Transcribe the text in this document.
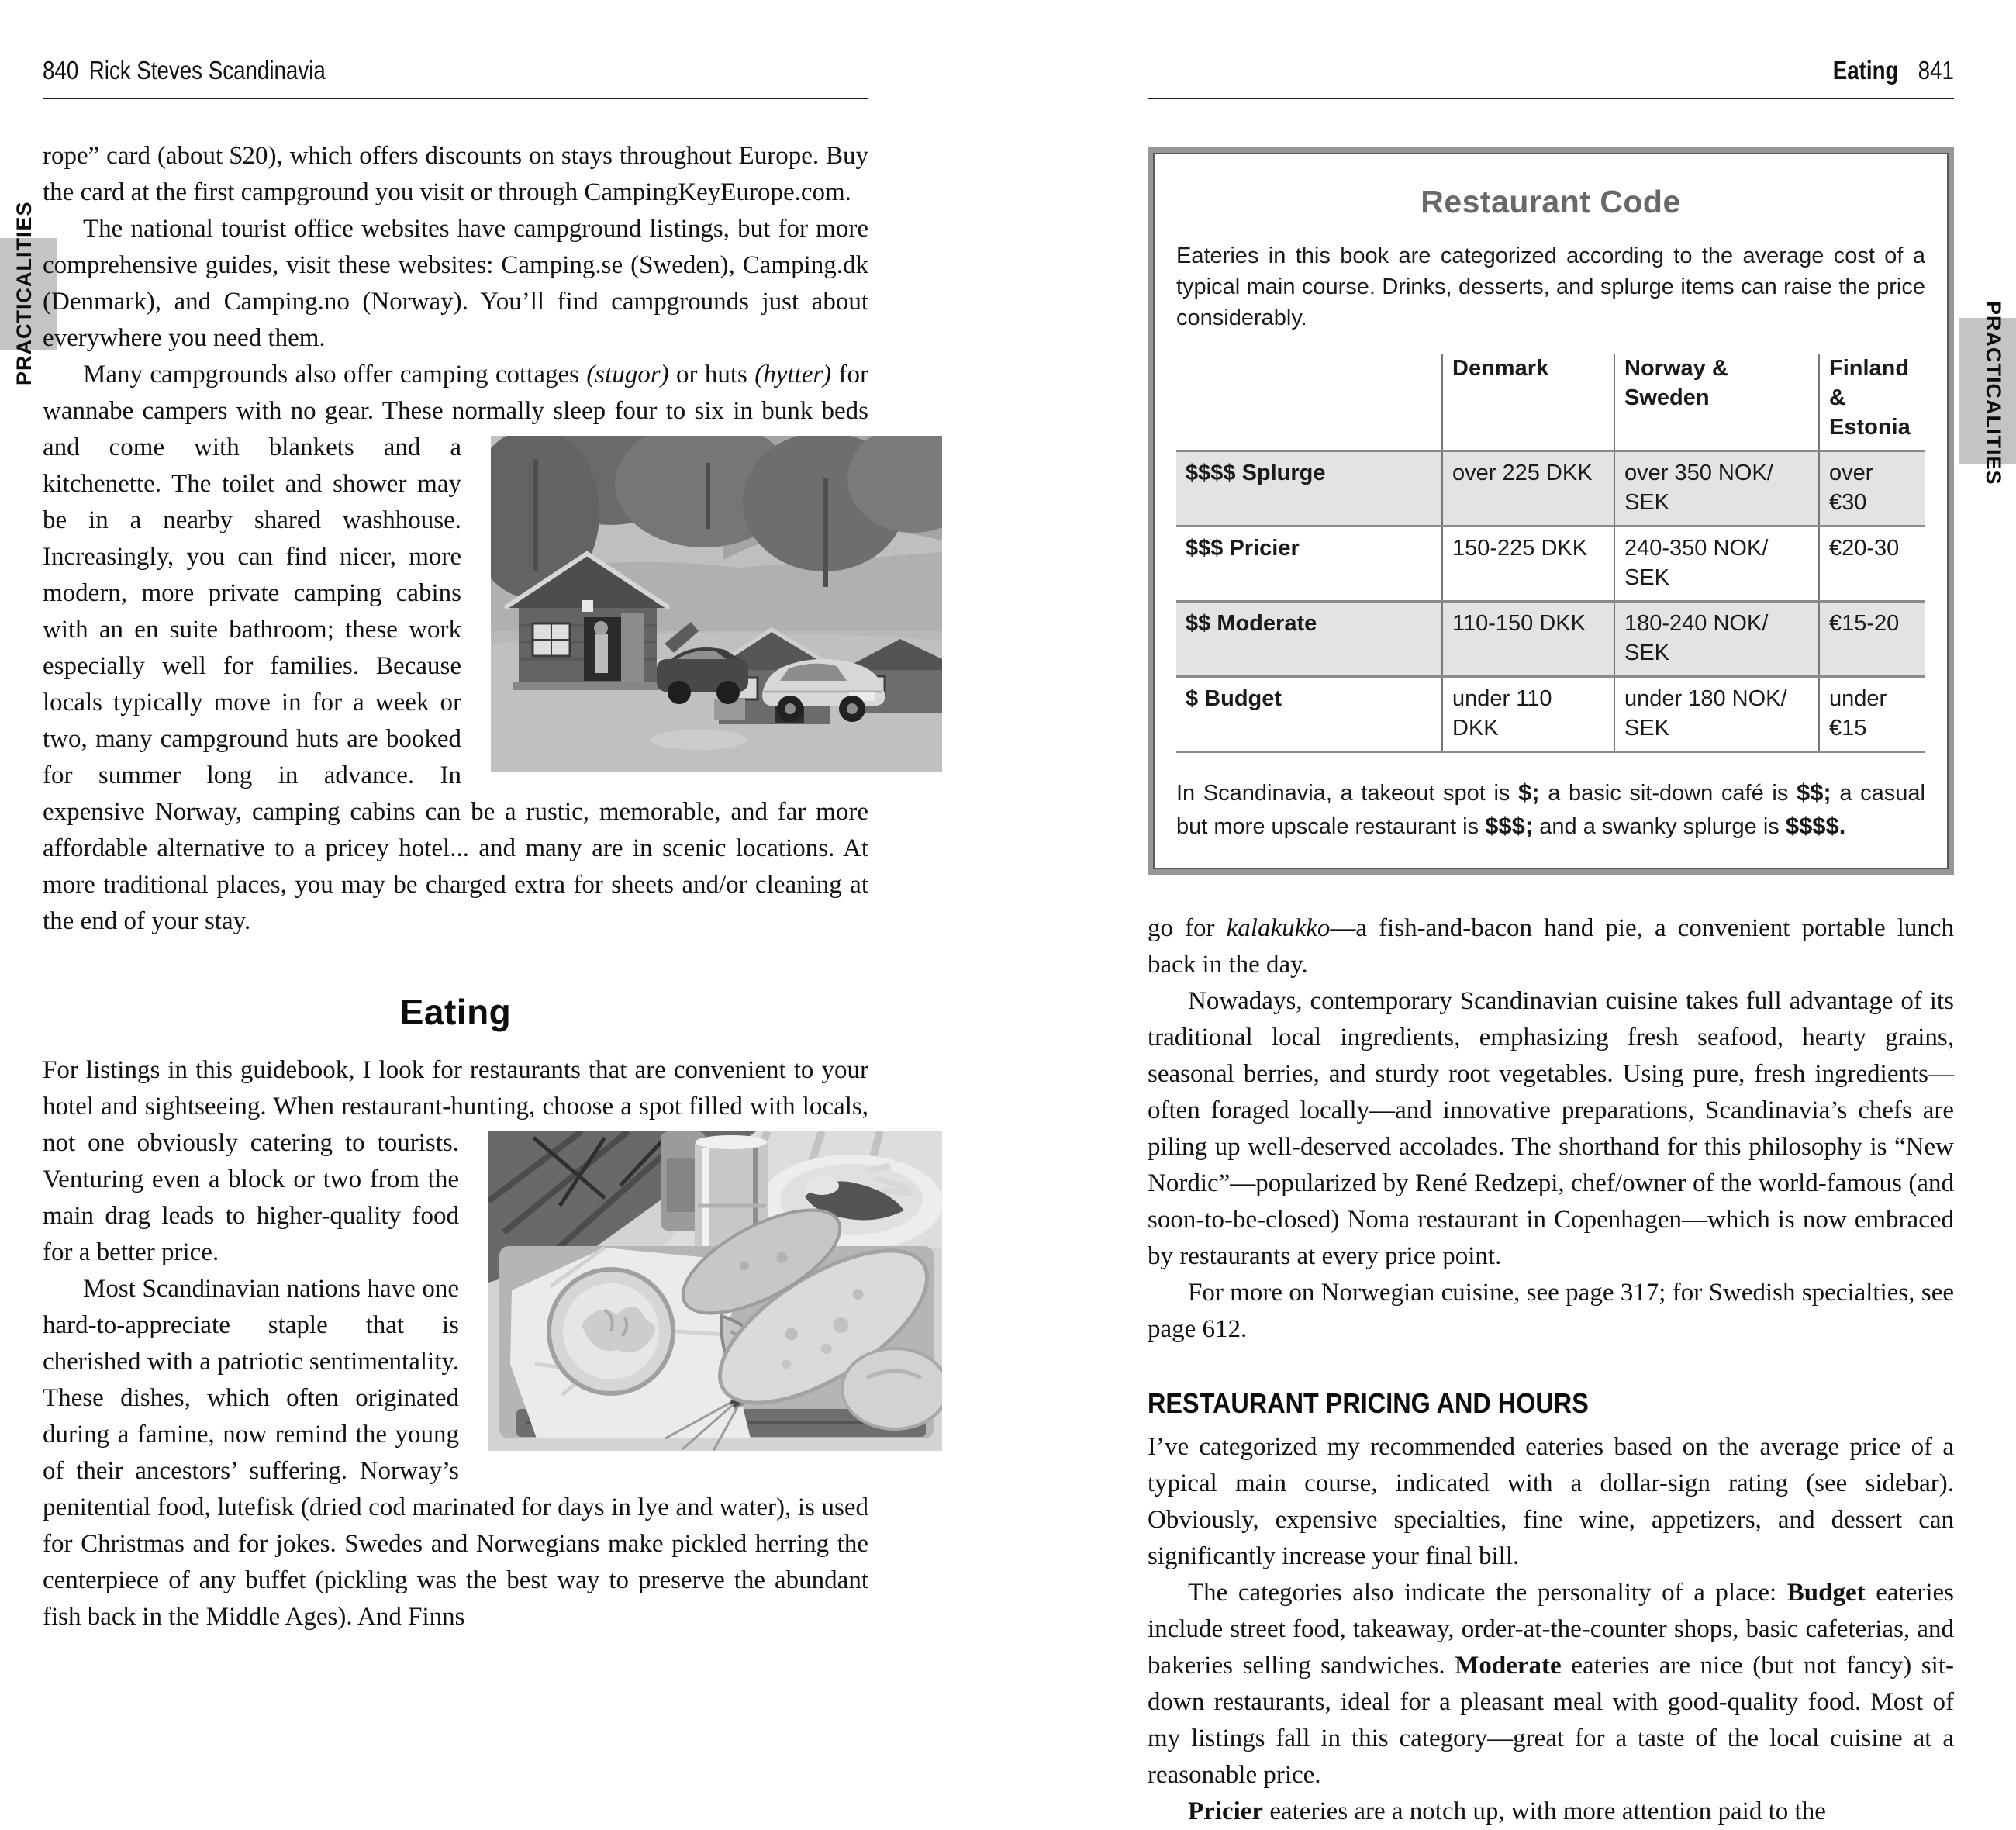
PRACTICALITIES
PRACTICALITIES
840 Rick Steves Scandinavia

rope” card (about $20), which offers discounts on stays throughout Europe. Buy the card at the first campground you visit or through CampingKeyEurope.com.

The national tourist office websites have campground listings, but for more comprehensive guides, visit these websites: Camping.se (Sweden), Camping.dk (Denmark), and Camping.no (Norway). You’ll find campgrounds just about everywhere you need them.

Many campgrounds also offer camping cottages (stugor) or huts (hytter) for wannabe campers with no gear. These normally
sleep four to six in bunk beds and come with blankets and a kitchenette. The toilet and shower may be in a nearby shared washhouse. Increasingly, you can find nicer, more modern, more private camping cabins with an en suite bathroom; these work especially well for families. Because locals typically move in for a week or two, many campground huts are booked for summer long in advance. In expensive Norway, camping cabins can be a rustic, memorable, and far more affordable alternative to a pricey hotel... and many are in scenic locations. At more traditional places, you may be charged extra for sheets and/or cleaning at the end of your stay.

Eating

For listings in this guidebook, I look for restaurants that are convenient to your hotel and sightseeing. When restaurant-hunting,
choose a spot filled with locals, not one obviously catering to tourists. Venturing even a block or two from the main drag leads to higher-quality food for a better price.

Most Scandinavian nations have one hard-to-appreciate staple that is cherished with a patriotic sentimentality. These dishes, which often originated during a famine, now remind the young of their ancestors’ suffering. Norway’s penitential food, lutefisk (dried cod marinated for days in lye and water), is used for Christmas and for jokes. Swedes and Norwegians make pickled herring the centerpiece of any buffet (pickling was the best way to preserve the abundant fish back in the Middle Ages). And Finns

Eating 841
Restaurant Code

Eateries in this book are categorized according to the average cost of a typical main course. Drinks, desserts, and splurge items can raise the price considerably.

	Denmark	Norway & Sweden	Finland & Estonia
$$$$ Splurge	over 225 DKK	over 350 NOK/ SEK	over €30
$$$ Pricier	150-225 DKK	240-350 NOK/ SEK	€20-30
$$ Moderate	110-150 DKK	180-240 NOK/ SEK	€15-20
$ Budget	under 110 DKK	under 180 NOK/ SEK	under €15

In Scandinavia, a takeout spot is $; a basic sit-down café is $$; a casual but more upscale restaurant is $$$; and a swanky splurge is $$$$.

go for kalakukko—a fish-and-bacon hand pie, a convenient portable lunch back in the day.

Nowadays, contemporary Scandinavian cuisine takes full advantage of its traditional local ingredients, emphasizing fresh seafood, hearty grains, seasonal berries, and sturdy root vegetables. Using pure, fresh ingredients—often foraged locally—and innovative preparations, Scandinavia’s chefs are piling up well-deserved accolades. The shorthand for this philosophy is “New Nordic”—popularized by René Redzepi, chef/owner of the world-famous (and soon-to-be-closed) Noma restaurant in Copenhagen—which is now embraced by restaurants at every price point.

For more on Norwegian cuisine, see page 317; for Swedish specialties, see page 612.

RESTAURANT PRICING AND HOURS

I’ve categorized my recommended eateries based on the average price of a typical main course, indicated with a dollar-sign rating (see sidebar). Obviously, expensive specialties, fine wine, appetizers, and dessert can significantly increase your final bill.

The categories also indicate the personality of a place: Budget eateries include street food, takeaway, order-at-the-counter shops, basic cafeterias, and bakeries selling sandwiches. Moderate eateries are nice (but not fancy) sit-down restaurants, ideal for a pleasant meal with good-quality food. Most of my listings fall in this category—great for a taste of the local cuisine at a reasonable price.

Pricier eateries are a notch up, with more attention paid to the
